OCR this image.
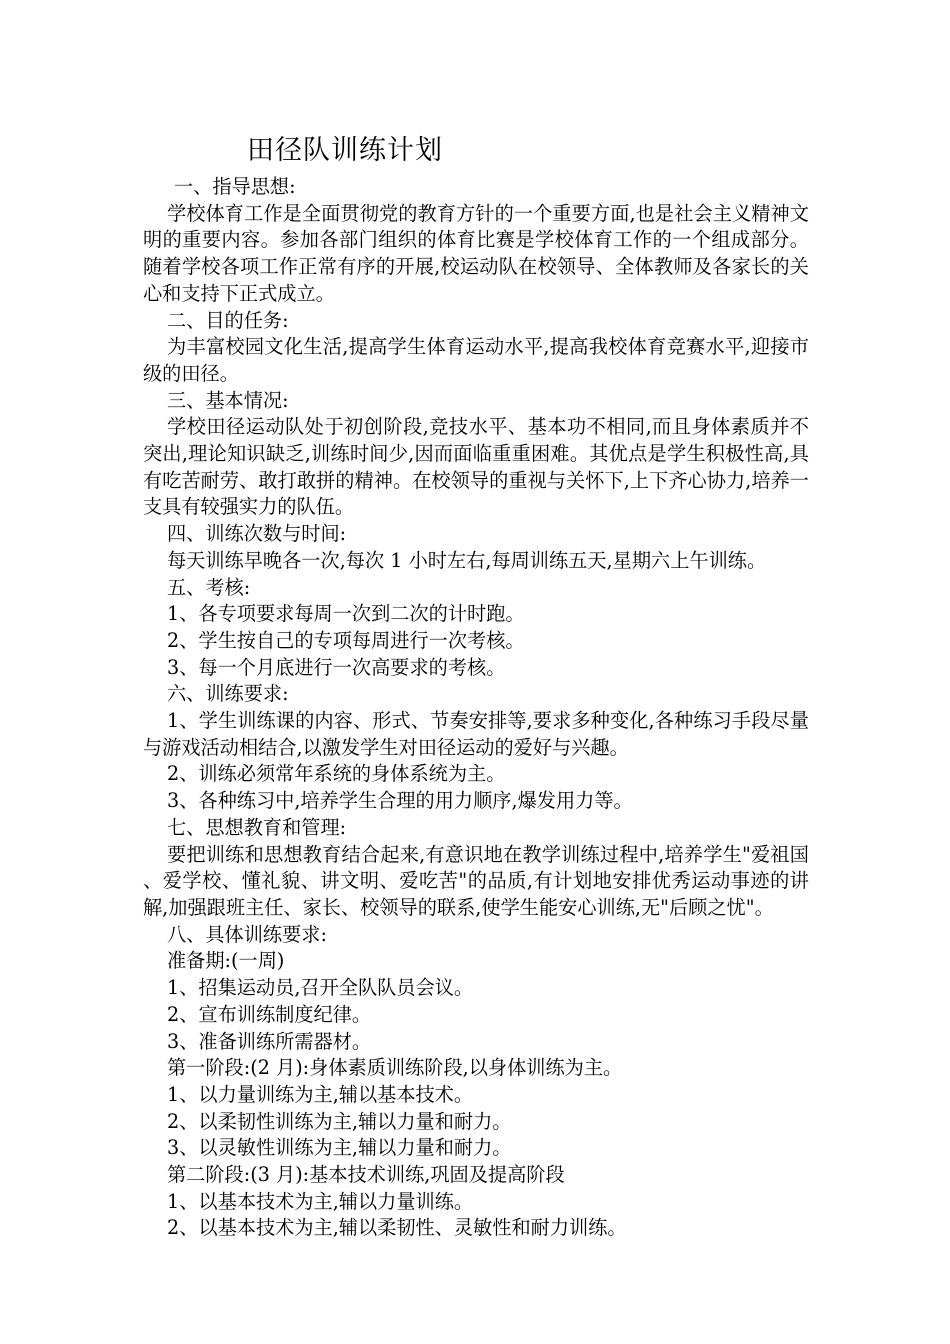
田径队训练计划

一、指导思想:

学校体育工作是全面贯彻党的教育方针的一个重要方面,也是社会主义精神文明的重要内容。参加各部门组织的体育比赛是学校体育工作的一个组成部分。随着学校各项工作正常有序的开展,校运动队在校领导、全体教师及各家长的关心和支持下正式成立。

二、目的任务:

为丰富校园文化生活,提高学生体育运动水平,提高我校体育竞赛水平,迎接市级的田径。

三、基本情况:

学校田径运动队处于初创阶段,竞技水平、基本功不相同,而且身体素质并不突出,理论知识缺乏,训练时间少,因而面临重重困难。其优点是学生积极性高,具有吃苦耐劳、敢打敢拼的精神。在校领导的重视与关怀下,上下齐心协力,培养一支具有较强实力的队伍。

四、训练次数与时间:

每天训练早晚各一次,每次 1 小时左右,每周训练五天,星期六上午训练。

五、考核:

1、各专项要求每周一次到二次的计时跑。

2、学生按自己的专项每周进行一次考核。

3、每一个月底进行一次高要求的考核。

六、训练要求:

1、学生训练课的内容、形式、节奏安排等,要求多种变化,各种练习手段尽量与游戏活动相结合,以激发学生对田径运动的爱好与兴趣。

2、训练必须常年系统的身体系统为主。

3、各种练习中,培养学生合理的用力顺序,爆发用力等。

七、思想教育和管理:

要把训练和思想教育结合起来,有意识地在教学训练过程中,培养学生"爱祖国、爱学校、懂礼貌、讲文明、爱吃苦"的品质,有计划地安排优秀运动事迹的讲解,加强跟班主任、家长、校领导的联系,使学生能安心训练,无"后顾之忧"。

八、具体训练要求:

准备期:(一周)

1、招集运动员,召开全队队员会议。

2、宣布训练制度纪律。

3、准备训练所需器材。

第一阶段:(2 月):身体素质训练阶段,以身体训练为主。

1、以力量训练为主,辅以基本技术。

2、以柔韧性训练为主,辅以力量和耐力。

3、以灵敏性训练为主,辅以力量和耐力。

第二阶段:(3 月):基本技术训练,巩固及提高阶段

1、以基本技术为主,辅以力量训练。

2、以基本技术为主,辅以柔韧性、灵敏性和耐力训练。
